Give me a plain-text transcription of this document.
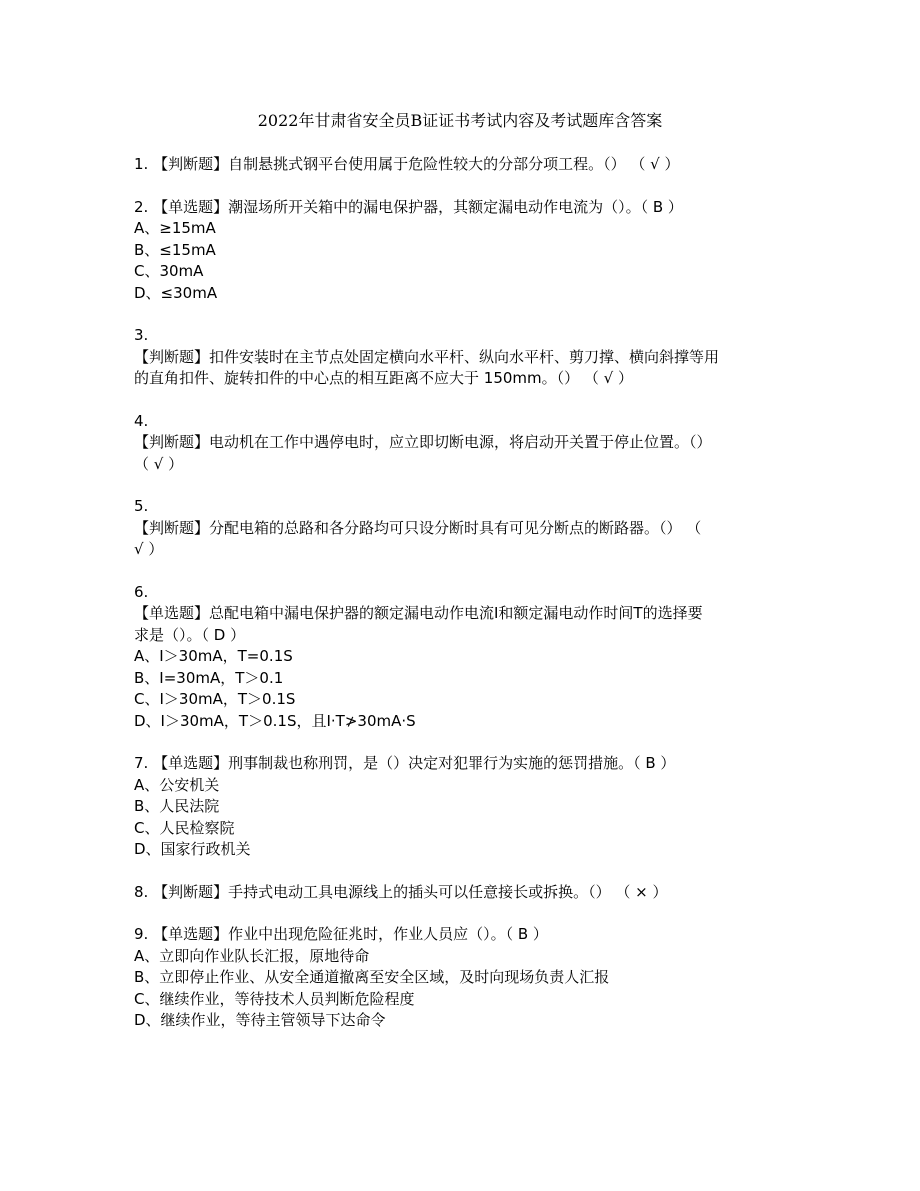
2022年甘肃省安全员B证证书考试内容及考试题库含答案
1. 【判断题】自制悬挑式钢平台使用属于危险性较大的分部分项工程。（） （ √ ）
2. 【单选题】潮湿场所开关箱中的漏电保护器，其额定漏电动作电流为（）。（ B ）
A、≥15mA
B、≤15mA
C、30mA
D、≤30mA
3.
【判断题】扣件安装时在主节点处固定横向水平杆、纵向水平杆、剪刀撑、横向斜撑等用
的直角扣件、旋转扣件的中心点的相互距离不应大于 150mm。（） （ √ ）
4.
【判断题】电动机在工作中遇停电时，应立即切断电源，将启动开关置于停止位置。（）
（ √ ）
5.
【判断题】分配电箱的总路和各分路均可只设分断时具有可见分断点的断路器。（） （
√ ）
6.
【单选题】总配电箱中漏电保护器的额定漏电动作电流Ⅰ和额定漏电动作时间T的选择要
求是（）。（ D ）
A、Ⅰ＞30mA，T=0.1S
B、Ⅰ=30mA，T＞0.1
C、Ⅰ＞30mA，T＞0.1S
D、Ⅰ＞30mA，T＞0.1S，且Ⅰ·T≯30mA·S
7. 【单选题】刑事制裁也称刑罚，是（）决定对犯罪行为实施的惩罚措施。（ B ）
A、公安机关
B、人民法院
C、人民检察院
D、国家行政机关
8. 【判断题】手持式电动工具电源线上的插头可以任意接长或拆换。（） （ × ）
9. 【单选题】作业中出现危险征兆时，作业人员应（）。（ B ）
A、立即向作业队长汇报，原地待命
B、立即停止作业、从安全通道撤离至安全区域，及时向现场负责人汇报
C、继续作业，等待技术人员判断危险程度
D、继续作业，等待主管领导下达命令
